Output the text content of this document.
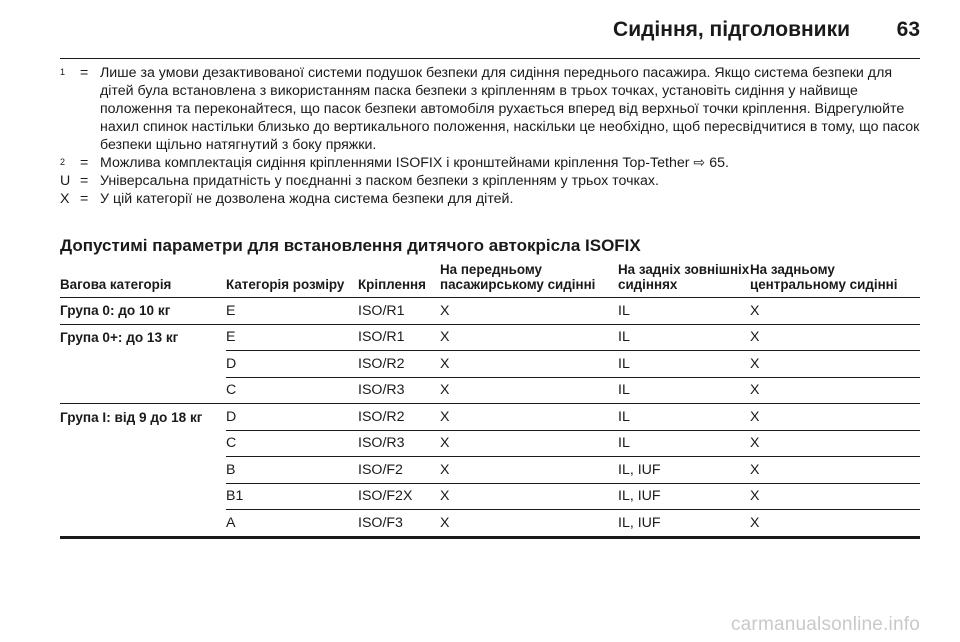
Сидіння, підголовники 63
$^1$	= Лише за умови дезактивованої системи подушок безпеки для сидіння переднього пасажира. Якщо система безпеки для дітей була встановлена з використанням паска безпеки з кріпленням в трьох точках, установіть сидіння у найвище положення та переконайтеся, що пасок безпеки автомобіля рухається вперед від верхньої точки кріплення. Відрегулюйте нахил спинок настільки близько до вертикального положення, наскільки це необхідно, щоб пересвідчитися в тому, що пасок безпеки щільно натягнутий з боку пряжки.
$^2$	= Можлива комплектація сидіння кріпленнями ISOFIX і кронштейнами кріплення Top-Tether ⇨ 65.
U = Універсальна придатність у поєднанні з паском безпеки з кріпленням у трьох точках.
X = У цій категорії не дозволена жодна система безпеки для дітей.
Допустимі параметри для встановлення дитячого автокрісла ISOFIX
Вагова категорія	Категорія розміру	Кріплення	На передньому пасажирському сидінні	На задніх зовнішніх сидіннях	На задньому центральному сидінні
Група 0: до 10 кг	E	ISO/R1	X	IL	X
Група 0+: до 13 кг	E	ISO/R1	X	IL	X
	D	ISO/R2	X	IL	X
	C	ISO/R3	X	IL	X
Група I: від 9 до 18 кг	D	ISO/R2	X	IL	X
	C	ISO/R3	X	IL	X
	B	ISO/F2	X	IL, IUF	X
	B1	ISO/F2X	X	IL, IUF	X
	A	ISO/F3	X	IL, IUF	X
carmanualsonline.info
